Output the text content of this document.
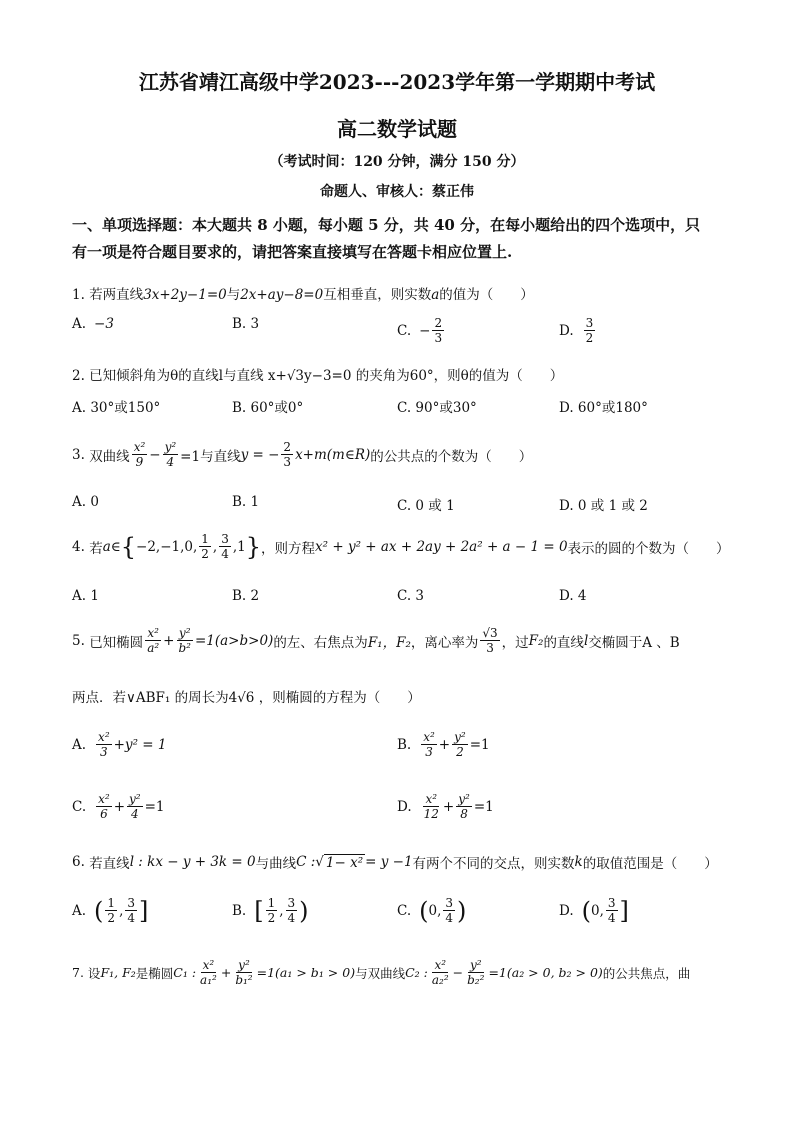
江苏省靖江高级中学2023---2023学年第一学期期中考试
高二数学试题
（考试时间：120 分钟，满分 150 分）
命题人、审核人：蔡正伟
一、单项选择题：本大题共 8 小题，每小题 5 分，共 40 分，在每小题给出的四个选项中，只
有一项是符合题目要求的，请把答案直接填写在答题卡相应位置上.
1. 若两直线3x+2y−1=0与2x+ay−8=0互相垂直，则实数a的值为（　　）
A. −3	B. 3	C. − $\frac{2}{3}$	D. $\frac{3}{2}$
2. 已知倾斜角为θ的直线l与直线 x+√3y−3=0 的夹角为60°，则θ的值为（　　）
A. 30°或150°	B. 60°或0°	C. 90°或30°	D. 60°或180°
3.
双曲线 $\frac{\text{x²}}{9} - \frac{\text{y²}}{4} =1$与直线 y = − $\frac{2}{3}$ x+m(m∈R) 的公共点的个数为（　　）
A. 0	B. 1	C. 0 或 1	D. 0 或 1 或 2
4.
若 a∈ { −2,−1,0, $\frac{1}{2}$ , $\frac{3}{4} ,1$ } ，则方程 x² + y² + ax + 2ay + 2a² + a − 1 = 0 表示的圆的个数为（　　）
A. 1	B. 2	C. 3	D. 4
5.
已知椭圆 $\frac{\text{x²}}{\text{a²}} + \frac{\text{y²}}{\text{b²}} =1(a>b>0)$ 的左、右焦点为 F₁，F₂ ，离心率为 $\frac{√3}{3}$ ，过 F₂ 的直线 l 交椭圆于A 、B
两点．若∨ABF₁ 的周长为4√6 ，则椭圆的方程为（　　）
A. $\frac{\text{x²}}{3} +y^2 = 1$	B. $\frac{\text{x²}}{3} + \frac{\text{y²}}{2} =1$
C. $\frac{\text{x²}}{6} + \frac{\text{y²}}{4} =1$	D. $\frac{\text{x²}}{12} + \frac{\text{y²}}{8} =1$
6.
若直线 l : kx − y + 3k = 0 与曲线 C : √ 1− x² = y −1 有两个不同的交点，则实数 k 的取值范围是（　　）
A. ( $\frac{1}{2}$ , $\frac{3}{4}$ ]	B. [ $\frac{1}{2}$ , $\frac{3}{4}$ )	C. ( 0, $\frac{3}{4}$ )	D. ( 0, $\frac{3}{4}$ ]
7.
设 F₁, F₂ 是椭圆 C₁ : $\frac{\text{x²}}{\text{a₁²}} + \frac{\text{y²}}{\text{b₁²}} =1(a_1 > b_1 > 0)$ 与双曲线 C₂ : $\frac{\text{x²}}{\text{a₂²}} - \frac{\text{y²}}{\text{b₂²}} =1(a_2 > 0$, b₂ > 0) 的公共焦点，曲
